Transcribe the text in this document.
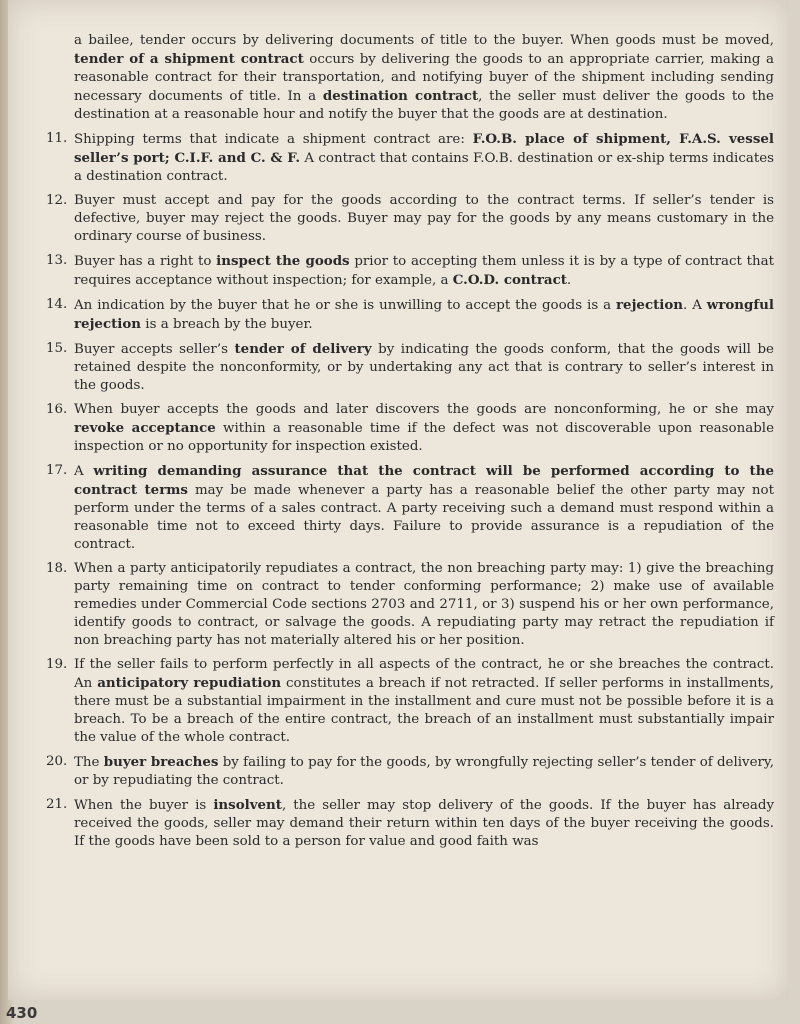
a bailee, tender occurs by delivering documents of title to the buyer. When goods must be moved, tender of a shipment contract occurs by delivering the goods to an appropriate carrier, making a reasonable contract for their transportation, and notifying buyer of the shipment including sending necessary documents of title. In a destination contract, the seller must deliver the goods to the destination at a reasonable hour and notify the buyer that the goods are at destination.

11. Shipping terms that indicate a shipment contract are: F.O.B. place of shipment, F.A.S. vessel seller’s port; C.I.F. and C. & F. A contract that contains F.O.B. destination or ex-ship terms indicates a destination contract.
12. Buyer must accept and pay for the goods according to the contract terms. If seller’s tender is defective, buyer may reject the goods. Buyer may pay for the goods by any means customary in the ordinary course of business.
13. Buyer has a right to inspect the goods prior to accepting them unless it is by a type of contract that requires acceptance without inspection; for example, a C.O.D. contract.
14. An indication by the buyer that he or she is unwilling to accept the goods is a rejection. A wrongful rejection is a breach by the buyer.
15. Buyer accepts seller’s tender of delivery by indicating the goods conform, that the goods will be retained despite the nonconformity, or by undertaking any act that is contrary to seller’s interest in the goods.
16. When buyer accepts the goods and later discovers the goods are nonconforming, he or she may revoke acceptance within a reasonable time if the defect was not discoverable upon reasonable inspection or no opportunity for inspection existed.
17. A writing demanding assurance that the contract will be performed according to the contract terms may be made whenever a party has a reasonable belief the other party may not perform under the terms of a sales contract. A party receiving such a demand must respond within a reasonable time not to exceed thirty days. Failure to provide assurance is a repudiation of the contract.
18. When a party anticipatorily repudiates a contract, the non breaching party may: 1) give the breaching party remaining time on contract to tender conforming performance; 2) make use of available remedies under Commercial Code sections 2703 and 2711, or 3) suspend his or her own performance, identify goods to contract, or salvage the goods. A repudiating party may retract the repudiation if non breaching party has not materially altered his or her position.
19. If the seller fails to perform perfectly in all aspects of the contract, he or she breaches the contract. An anticipatory repudiation constitutes a breach if not retracted. If seller performs in installments, there must be a substantial impairment in the installment and cure must not be possible before it is a breach. To be a breach of the entire contract, the breach of an installment must substantially impair the value of the whole contract.
20. The buyer breaches by failing to pay for the goods, by wrongfully rejecting seller’s tender of delivery, or by repudiating the contract.
21. When the buyer is insolvent, the seller may stop delivery of the goods. If the buyer has already received the goods, seller may demand their return within ten days of the buyer receiving the goods. If the goods have been sold to a person for value and good faith was
430
